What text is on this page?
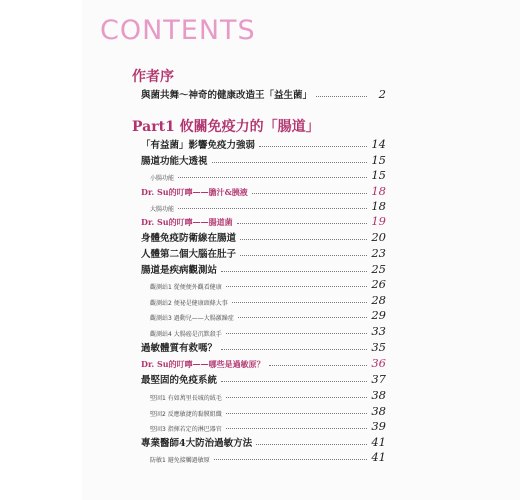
CONTENTS
作者序
與菌共舞～神奇的健康改造王「益生菌」	2
Part1 攸關免疫力的「腸道」
「有益菌」影響免疫力強弱	14
腸道功能大透視	15
小腸功能	15
Dr. Su的叮嚀——膽汁&胰液	18
大腸功能	18
Dr. Su的叮嚀——腸道菌	19
身體免疫防衛線在腸道	20
人體第二個大腦在肚子	23
腸道是疾病觀測站	25
觀測站1 從便便外觀看健康	26
觀測站2 便祕是健康頭條大事	28
觀測站3 過動兒——大腸激躁症	29
觀測站4 大腸癌是沉默殺手	33
過敏體質有救嗎？	35
Dr. Su的叮嚀——哪些是過敏原？	36
最堅固的免疫系統	37
堅固1 有如萬里長城的絨毛	38
堅固2 反應敏捷的黏膜組織	38
堅固3 指揮若定的淋巴器官	39
專業醫師4大防治過敏方法	41
防敏1 避免接觸過敏原	41
